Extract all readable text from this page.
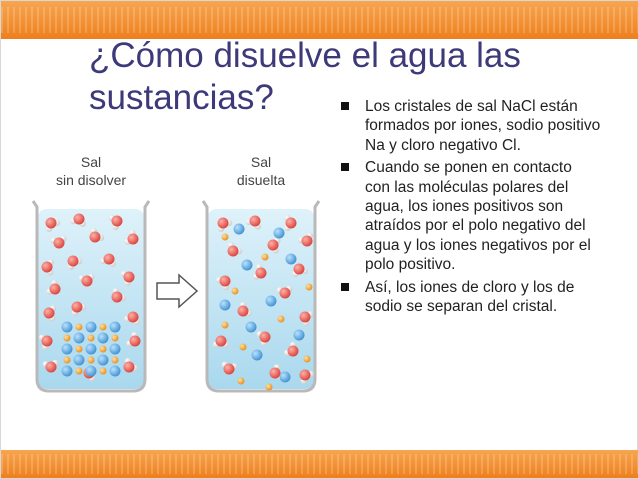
¿Cómo disuelve el agua las sustancias?
Sal
sin disolver
Sal
disuelta
Los cristales de sal NaCl están formados por iones, sodio positivo Na y cloro negativo Cl.
Cuando se ponen en contacto con las moléculas polares del agua, los iones positivos son atraídos por el polo negativo del agua y los iones negativos por el polo positivo.
Así, los iones de cloro y los de sodio se separan del cristal.
